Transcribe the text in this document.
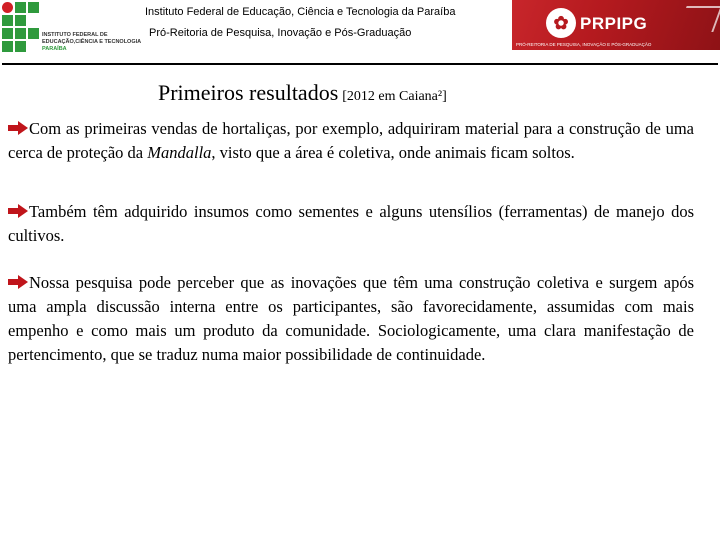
INSTITUTO FEDERAL DE
EDUCAÇÃO,CIÊNCIA E TECNOLOGIA
PARAÍBA
Instituto Federal de Educação, Ciência e Tecnologia da Paraíba
Pró-Reitoria de Pesquisa, Inovação e Pós-Graduação	✿ PRPIPG
PRÓ-REITORIA DE PESQUISA, INOVAÇÃO E PÓS-GRADUAÇÃO
Primeiros resultados [2012 em Caiana²]
Com as primeiras vendas de hortaliças, por exemplo, adquiriram material para a construção de uma cerca de proteção da Mandalla, visto que a área é coletiva, onde animais ficam soltos.
Também têm adquirido insumos como sementes e alguns utensílios (ferramentas) de manejo dos cultivos.
Nossa pesquisa pode perceber que as inovações que têm uma construção coletiva e surgem após uma ampla discussão interna entre os participantes, são favorecidamente, assumidas com mais empenho e como mais um produto da comunidade. Sociologicamente, uma clara manifestação de pertencimento, que se traduz numa maior possibilidade de continuidade.
